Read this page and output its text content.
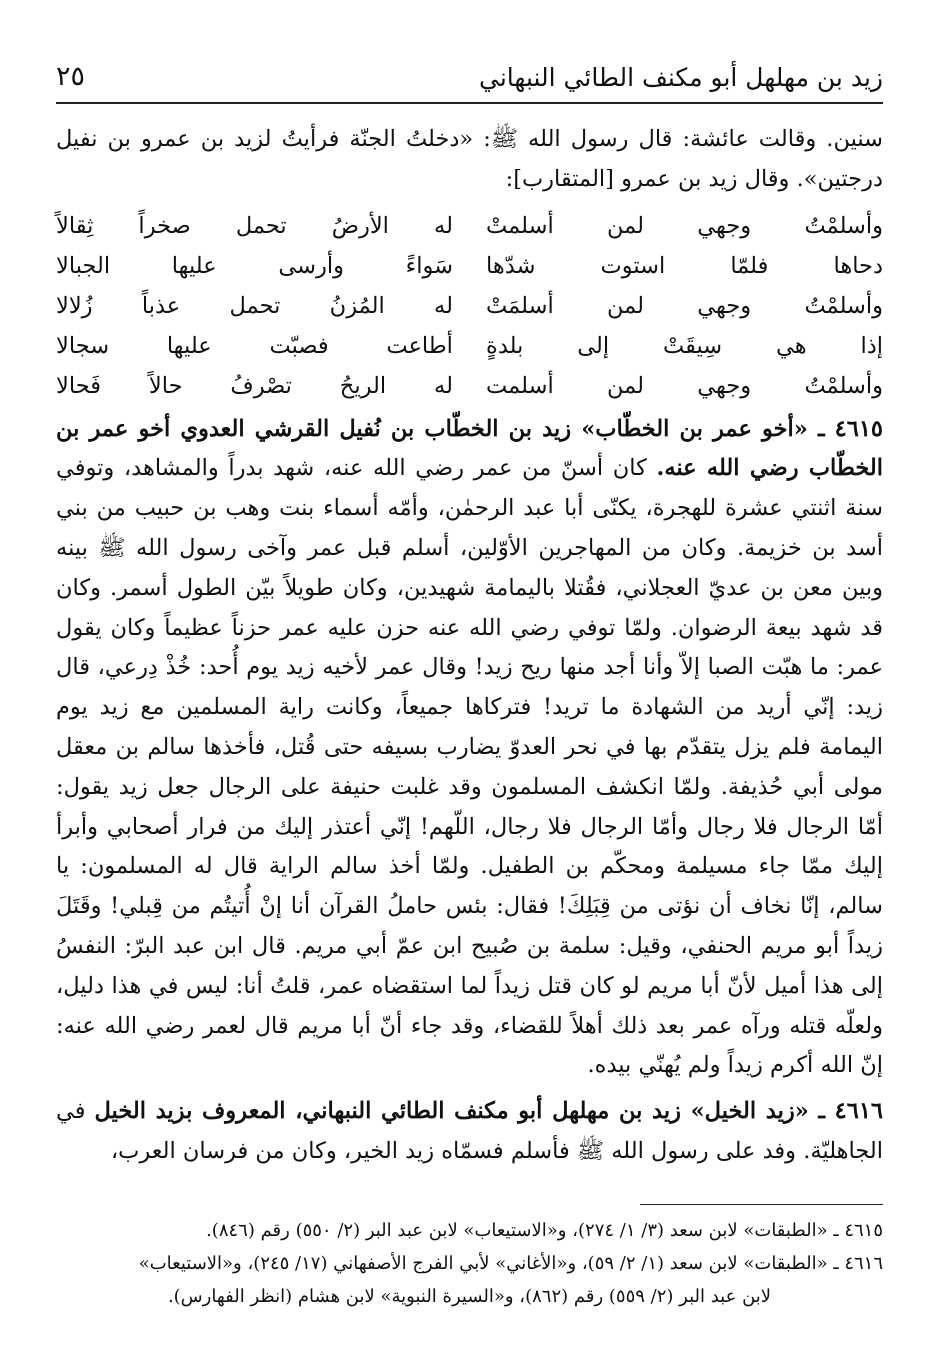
٢٥	زيد بن مهلهل أبو مكنف الطائي النبهاني

سنين. وقالت عائشة: قال رسول الله ﷺ: «دخلتُ الجنّة فرأيتُ لزيد بن عمرو بن نفيل درجتين». وقال زيد بن عمرو [المتقارب]:

وأسلمْتُ وجهي لمن أسلمتْ
له الأرضُ تحمل صخراً ثِقالاً
دحاها فلمّا استوت شدّها
سَواءً وأرسى عليها الجبالا
وأسلمْتُ وجهي لمن أسلمَتْ
له المُزنُ تحمل عذباً زُلالا
إذا هي سِيقَتْ إلى بلدةٍ
أطاعت فصبّت عليها سجالا
وأسلمْتُ وجهي لمن أسلمت
له الريحُ تصْرفُ حالاً فَحالا

٤٦١٥ ـ «أخو عمر بن الخطّاب» زيد بن الخطّاب بن نُفيل القرشي العدوي أخو عمر بن الخطّاب رضي الله عنه. كان أسنّ من عمر رضي الله عنه، شهد بدراً والمشاهد، وتوفي سنة اثنتي عشرة للهجرة، يكنّى أبا عبد الرحمٰن، وأمّه أسماء بنت وهب بن حبيب من بني أسد بن خزيمة. وكان من المهاجرين الأوّلين، أسلم قبل عمر وآخى رسول الله ﷺ بينه وبين معن بن عديّ العجلاني، فقُتلا باليمامة شهيدين، وكان طويلاً بيّن الطول أسمر. وكان قد شهد بيعة الرضوان. ولمّا توفي رضي الله عنه حزن عليه عمر حزناً عظيماً وكان يقول عمر: ما هبّت الصبا إلاّ وأنا أجد منها ريح زيد! وقال عمر لأخيه زيد يوم أُحد: خُذْ دِرعي، قال زيد: إنّي أريد من الشهادة ما تريد! فتركاها جميعاً، وكانت راية المسلمين مع زيد يوم اليمامة فلم يزل يتقدّم بها في نحر العدوّ يضارب بسيفه حتى قُتل، فأخذها سالم بن معقل مولى أبي حُذيفة. ولمّا انكشف المسلمون وقد غلبت حنيفة على الرجال جعل زيد يقول: أمّا الرجال فلا رجال وأمّا الرجال فلا رجال، اللّهم! إنّي أعتذر إليك من فرار أصحابي وأبرأ إليك ممّا جاء مسيلمة ومحكّم بن الطفيل. ولمّا أخذ سالم الراية قال له المسلمون: يا سالم، إنّا نخاف أن نؤتى من قِبَلِكَ! فقال: بئس حاملُ القرآن أنا إنْ أُتيتُم من قِبلي! وقَتَلَ زيداً أبو مريم الحنفي، وقيل: سلمة بن صُبيح ابن عمّ أبي مريم. قال ابن عبد البرّ: النفسُ إلى هذا أميل لأنّ أبا مريم لو كان قتل زيداً لما استقضاه عمر، قلتُ أنا: ليس في هذا دليل، ولعلّه قتله ورآه عمر بعد ذلك أهلاً للقضاء، وقد جاء أنّ أبا مريم قال لعمر رضي الله عنه: إنّ الله أكرم زيداً ولم يُهنّي بيده.

٤٦١٦ ـ «زيد الخيل» زيد بن مهلهل أبو مكنف الطائي النبهاني، المعروف بزيد الخيل في الجاهليّة. وفد على رسول الله ﷺ فأسلم فسمّاه زيد الخير، وكان من فرسان العرب،

٤٦١٥ ـ «الطبقات» لابن سعد (٣/ ١/ ٢٧٤)، و«الاستيعاب» لابن عبد البر (٢/ ٥٥٠) رقم (٨٤٦).
٤٦١٦ ـ «الطبقات» لابن سعد (١/ ٢/ ٥٩)، و«الأغاني» لأبي الفرج الأصفهاني (١٧/ ٢٤٥)، و«الاستيعاب»
لابن عبد البر (٢/ ٥٥٩) رقم (٨٦٢)، و«السيرة النبوية» لابن هشام (انظر الفهارس).
